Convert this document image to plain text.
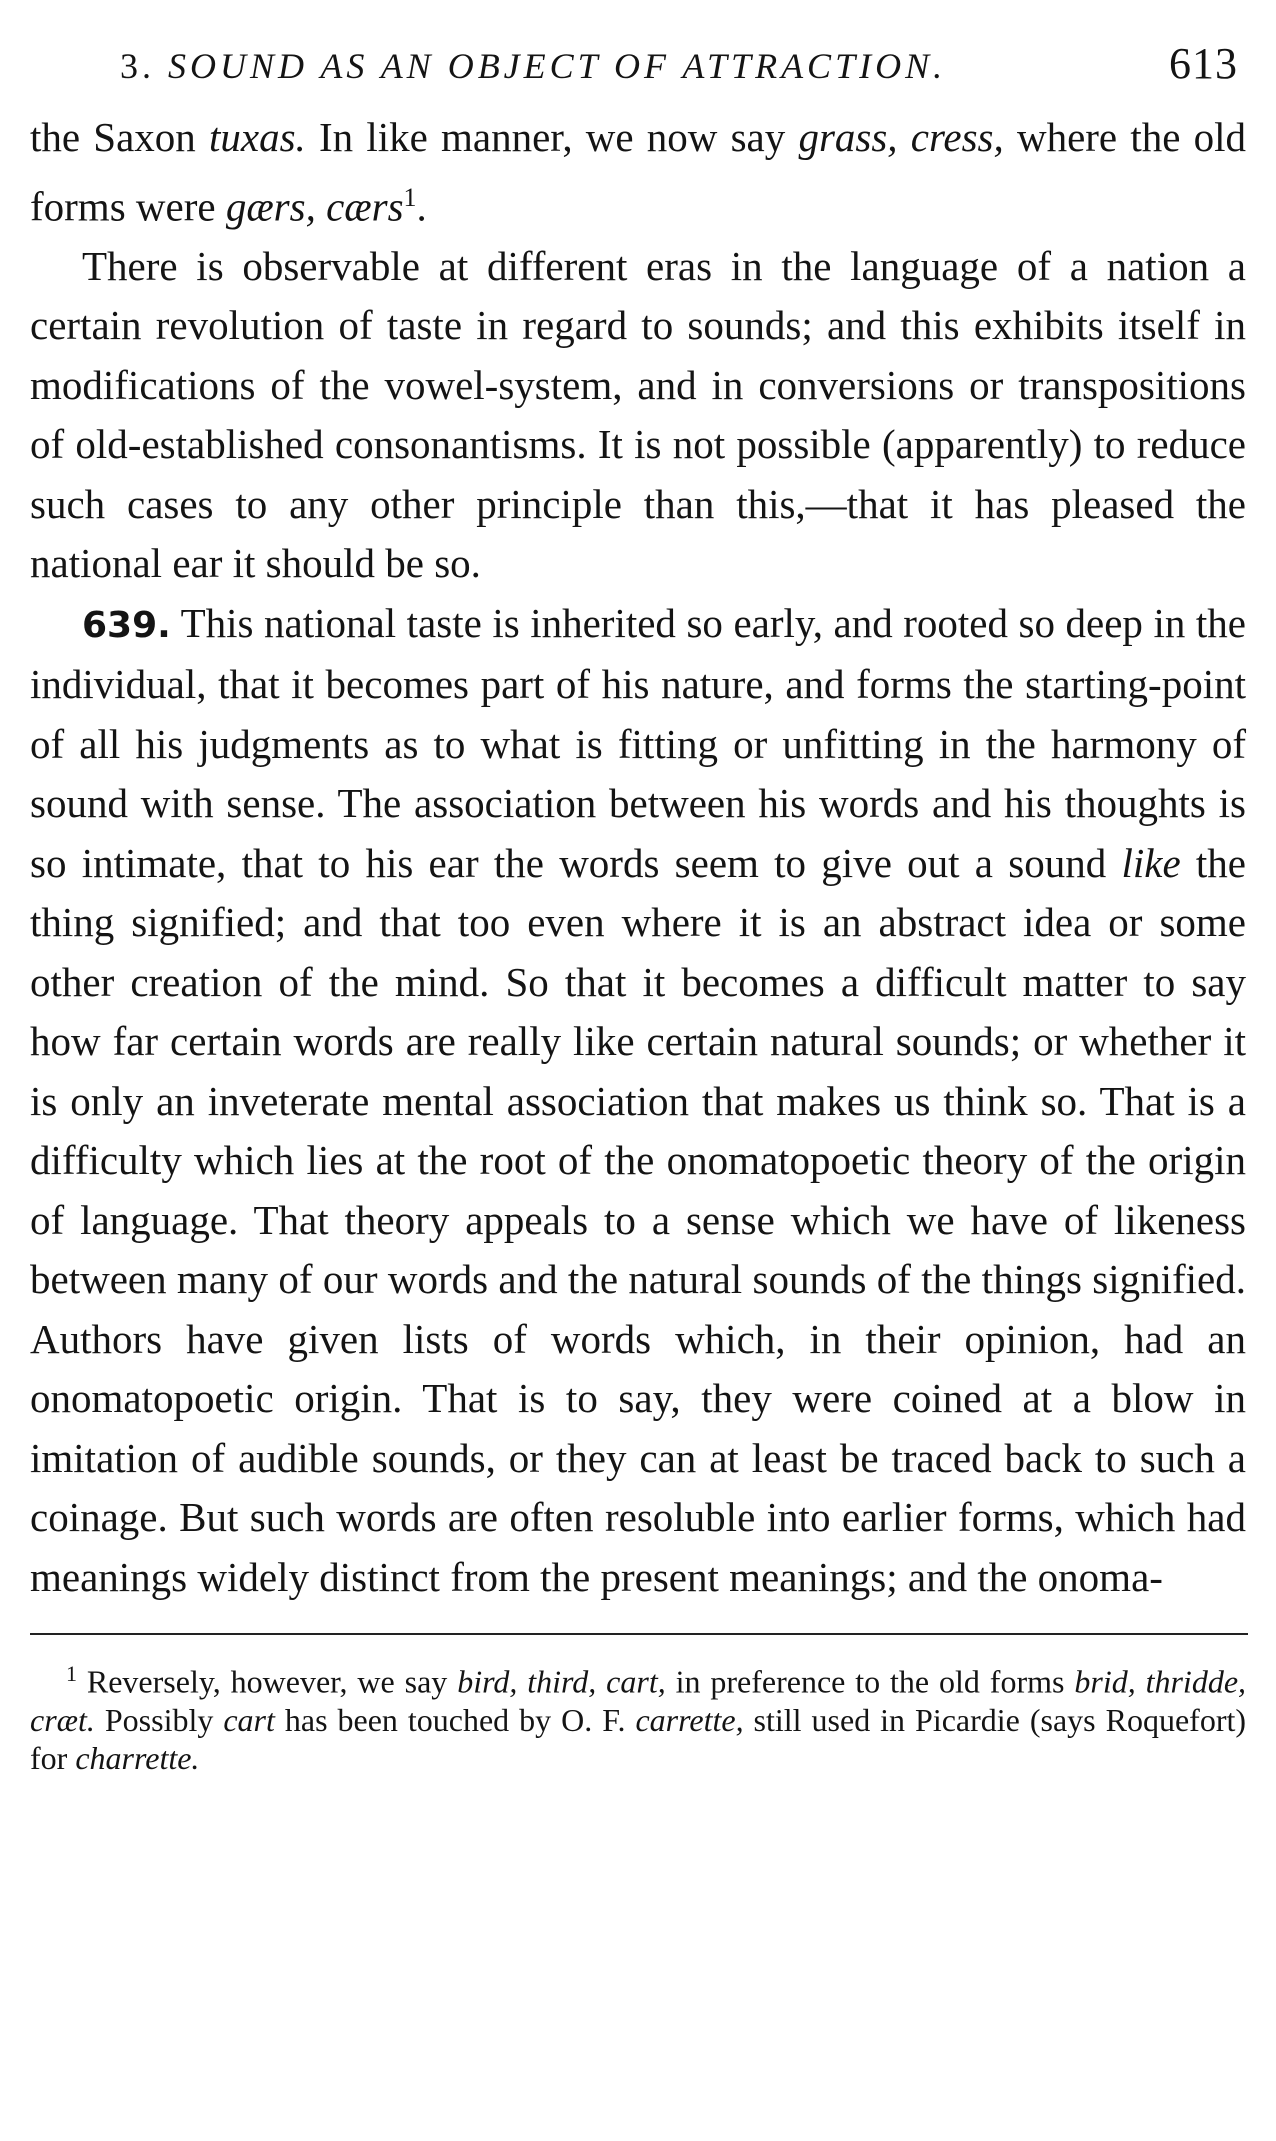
3. SOUND AS AN OBJECT OF ATTRACTION.	613

the Saxon tuxas. In like manner, we now say grass, cress, where the old forms were gærs, cærs$^1$.

There is observable at different eras in the language of a nation a certain revolution of taste in regard to sounds; and this exhibits itself in modifications of the vowel-system, and in conversions or transpositions of old-established consonantisms. It is not possible (apparently) to reduce such cases to any other principle than this,—that it has pleased the national ear it should be so.

639. This national taste is inherited so early, and rooted so deep in the individual, that it becomes part of his nature, and forms the starting-point of all his judgments as to what is fitting or unfitting in the harmony of sound with sense. The association between his words and his thoughts is so intimate, that to his ear the words seem to give out a sound like the thing signified; and that too even where it is an abstract idea or some other creation of the mind. So that it becomes a difficult matter to say how far certain words are really like certain natural sounds; or whether it is only an inveterate mental association that makes us think so. That is a difficulty which lies at the root of the onomatopoetic theory of the origin of language. That theory appeals to a sense which we have of likeness between many of our words and the natural sounds of the things signified. Authors have given lists of words which, in their opinion, had an onomatopoetic origin. That is to say, they were coined at a blow in imitation of audible sounds, or they can at least be traced back to such a coinage. But such words are often resoluble into earlier forms, which had meanings widely distinct from the present meanings; and the onoma-

$^1$ Reversely, however, we say bird, third, cart, in preference to the old forms brid, thridde, cræt. Possibly cart has been touched by O. F. carrette, still used in Picardie (says Roquefort) for charrette.
